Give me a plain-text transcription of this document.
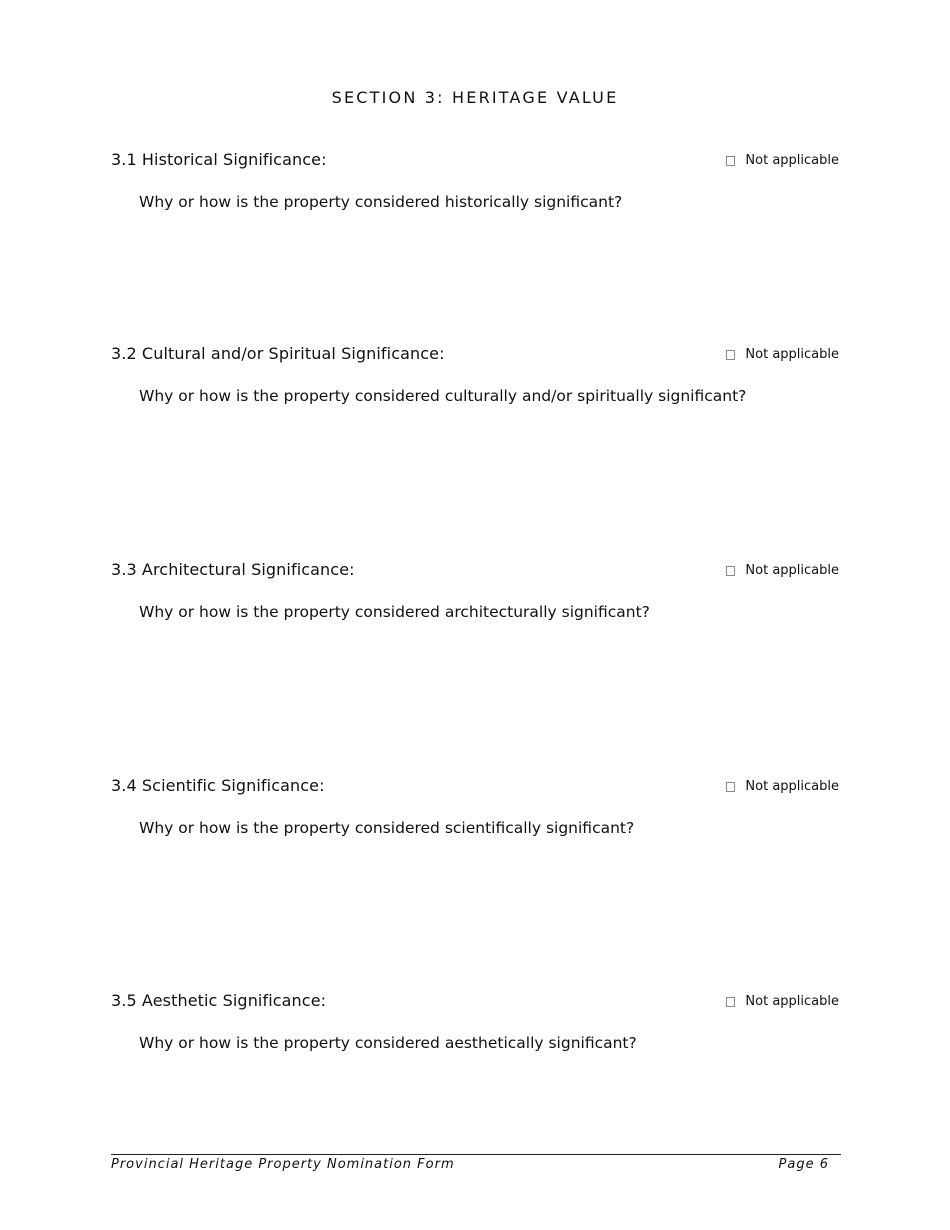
SECTION 3: HERITAGE VALUE
3.1 Historical Significance:	Not applicable

Why or how is the property considered historically significant?

3.2 Cultural and/or Spiritual Significance:	Not applicable

Why or how is the property considered culturally and/or spiritually significant?

3.3 Architectural Significance:	Not applicable

Why or how is the property considered architecturally significant?

3.4 Scientific Significance:	Not applicable

Why or how is the property considered scientifically significant?

3.5 Aesthetic Significance:	Not applicable

Why or how is the property considered aesthetically significant?

Provincial Heritage Property Nomination Form	Page 6
